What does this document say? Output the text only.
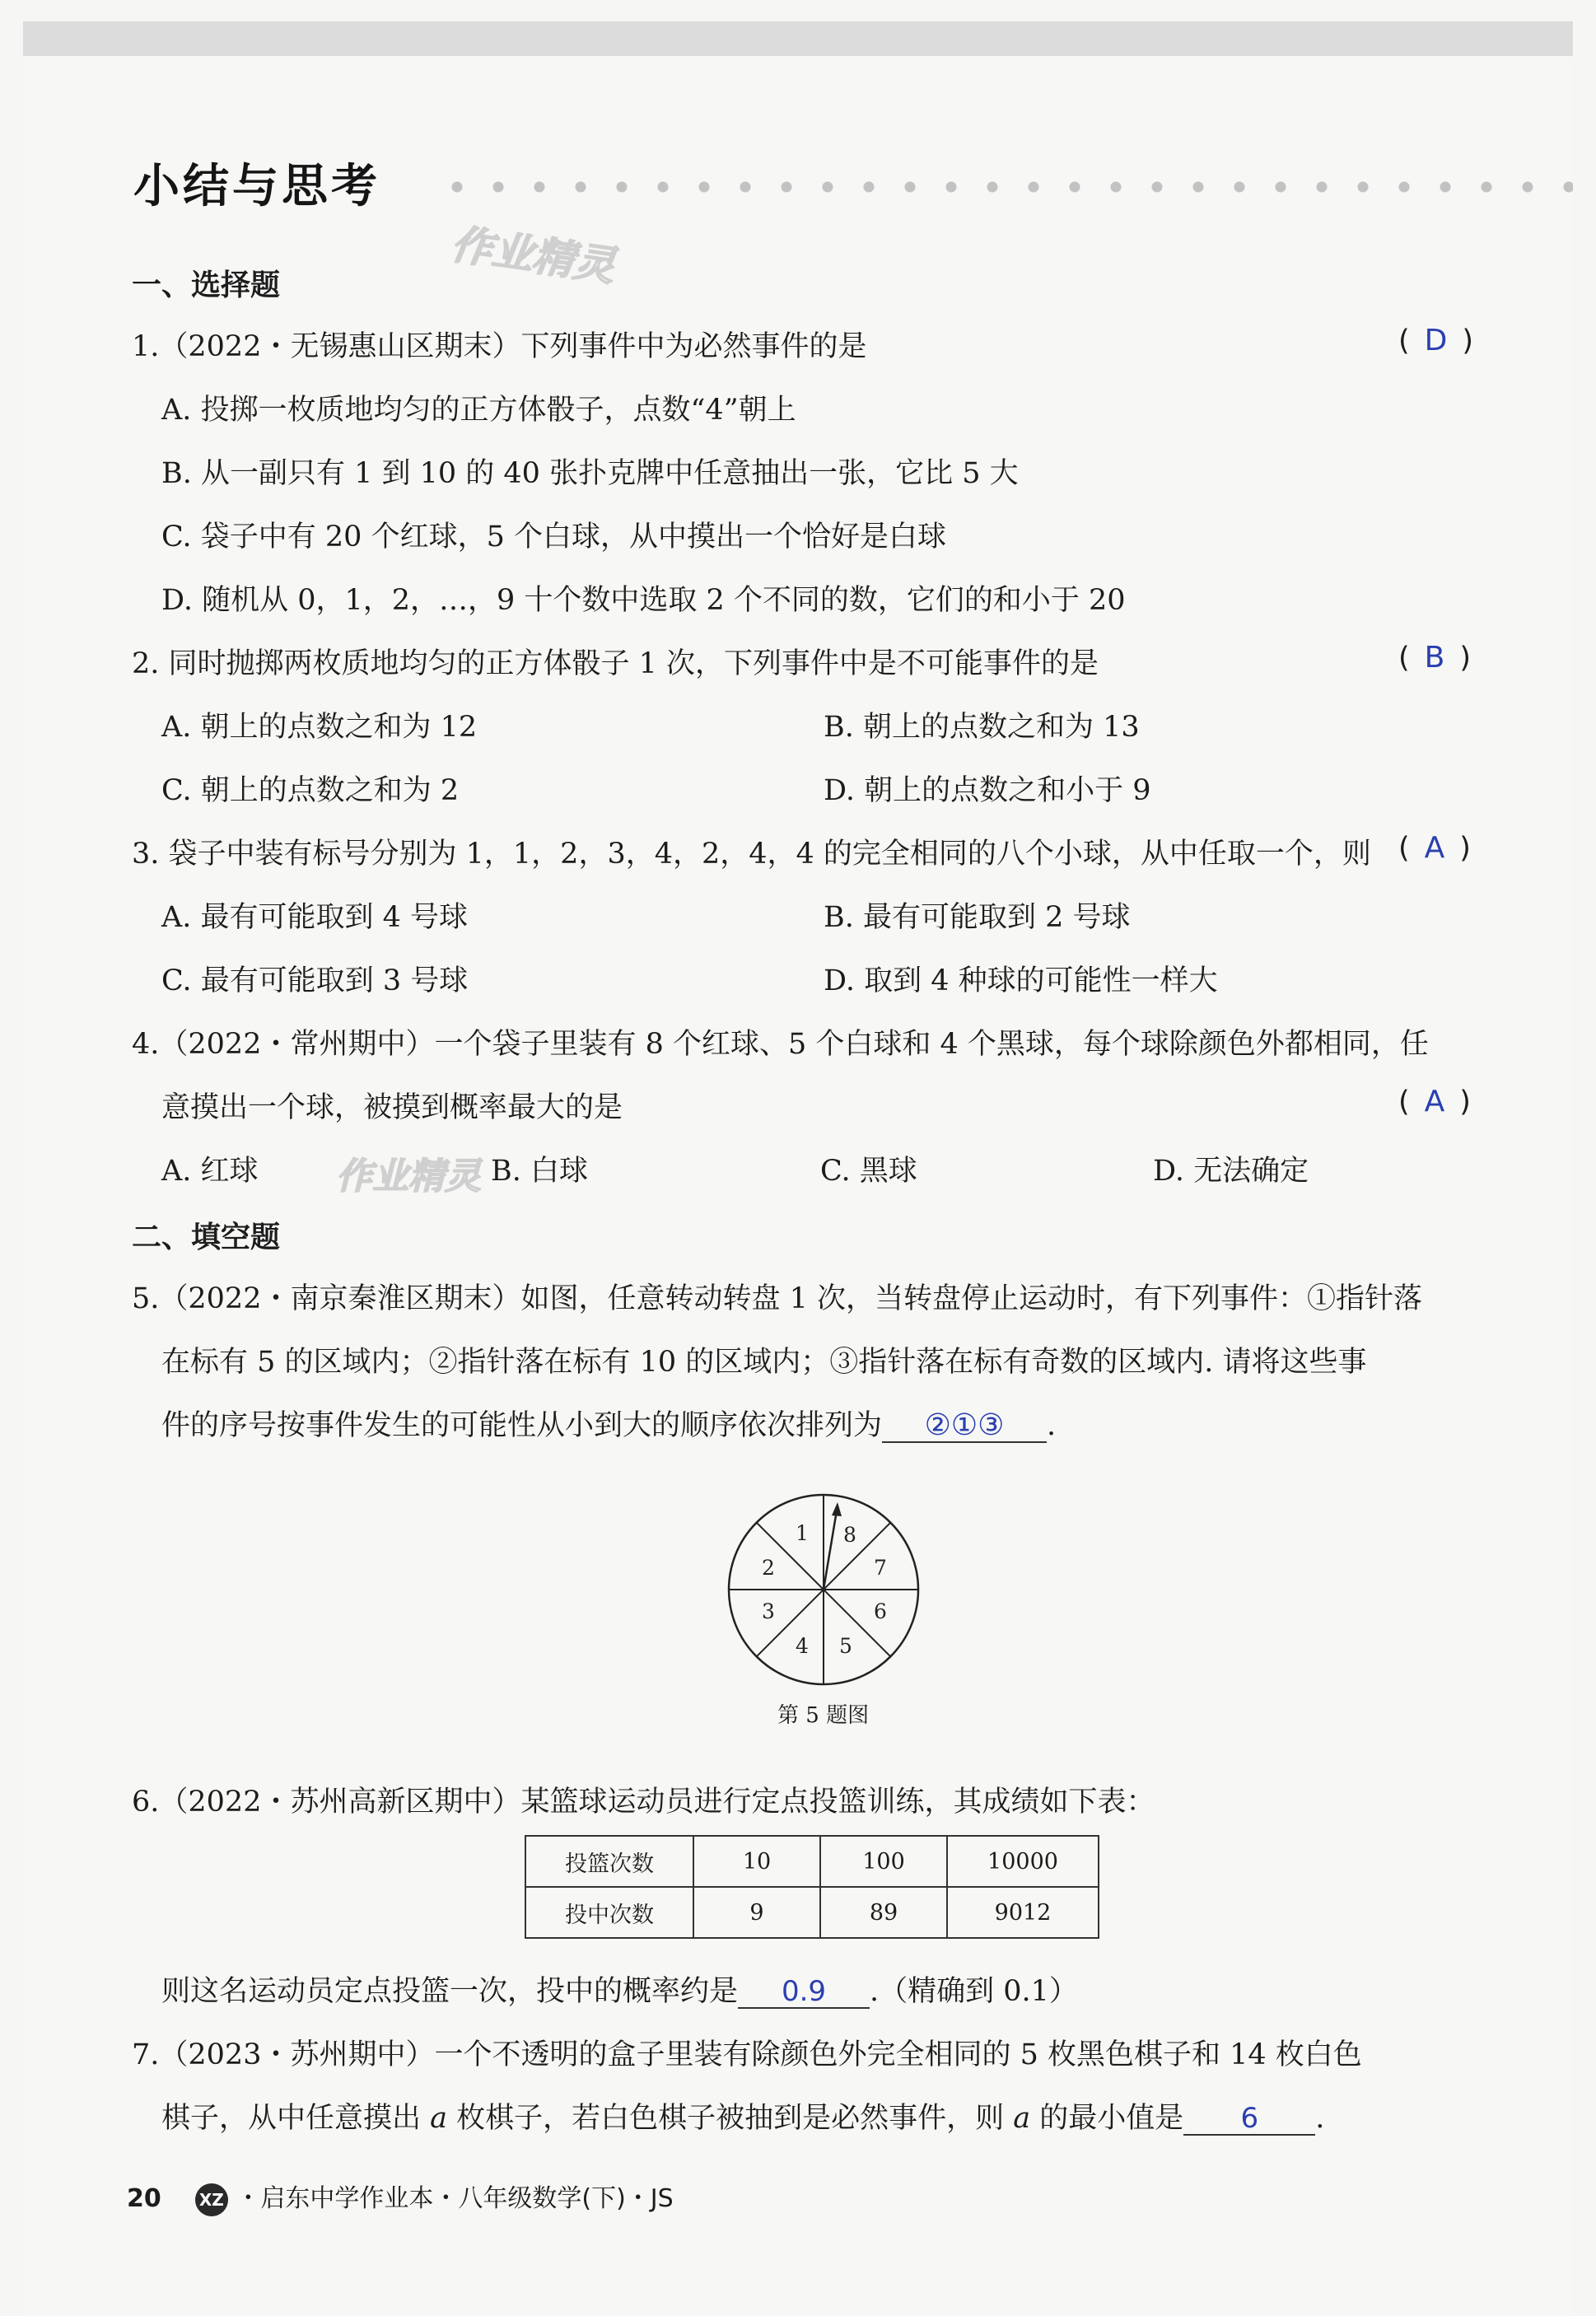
小结与思考
作业精灵
一、选择题
1.（2022・无锡惠山区期末）下列事件中为必然事件的是	( D )
A. 投掷一枚质地均匀的正方体骰子，点数“4”朝上
B. 从一副只有 1 到 10 的 40 张扑克牌中任意抽出一张，它比 5 大
C. 袋子中有 20 个红球，5 个白球，从中摸出一个恰好是白球
D. 随机从 0，1，2，…，9 十个数中选取 2 个不同的数，它们的和小于 20
2. 同时抛掷两枚质地均匀的正方体骰子 1 次，下列事件中是不可能事件的是	( B )
A. 朝上的点数之和为 12	B. 朝上的点数之和为 13
C. 朝上的点数之和为 2	D. 朝上的点数之和小于 9
3. 袋子中装有标号分别为 1，1，2，3，4，2，4，4 的完全相同的八个小球，从中任取一个，则 ( A )
A. 最有可能取到 4 号球	B. 最有可能取到 2 号球
C. 最有可能取到 3 号球	D. 取到 4 种球的可能性一样大
4.（2022・常州期中）一个袋子里装有 8 个红球、5 个白球和 4 个黑球，每个球除颜色外都相同，任
意摸出一个球，被摸到概率最大的是	( A )
A. 红球	B. 白球	C. 黑球	D. 无法确定
作业精灵
二、填空题
5.（2022・南京秦淮区期末）如图，任意转动转盘 1 次，当转盘停止运动时，有下列事件：①指针落
在标有 5 的区域内；②指针落在标有 10 的区域内；③指针落在标有奇数的区域内. 请将这些事
件的序号按事件发生的可能性从小到大的顺序依次排列为 ②①③ .
1
2
3
4 5
6
7
8
第 5 题图
6.（2022・苏州高新区期中）某篮球运动员进行定点投篮训练，其成绩如下表：
投篮次数	10	100	10000
投中次数	9	89	9012
则这名运动员定点投篮一次，投中的概率约是 0.9 .（精确到 0.1）
7.（2023・苏州期中）一个不透明的盒子里装有除颜色外完全相同的 5 枚黑色棋子和 14 枚白色
棋子，从中任意摸出 a 枚棋子，若白色棋子被抽到是必然事件，则 a 的最小值是 6 .
20 XZ ・启东中学作业本・八年级数学(下)・JS
